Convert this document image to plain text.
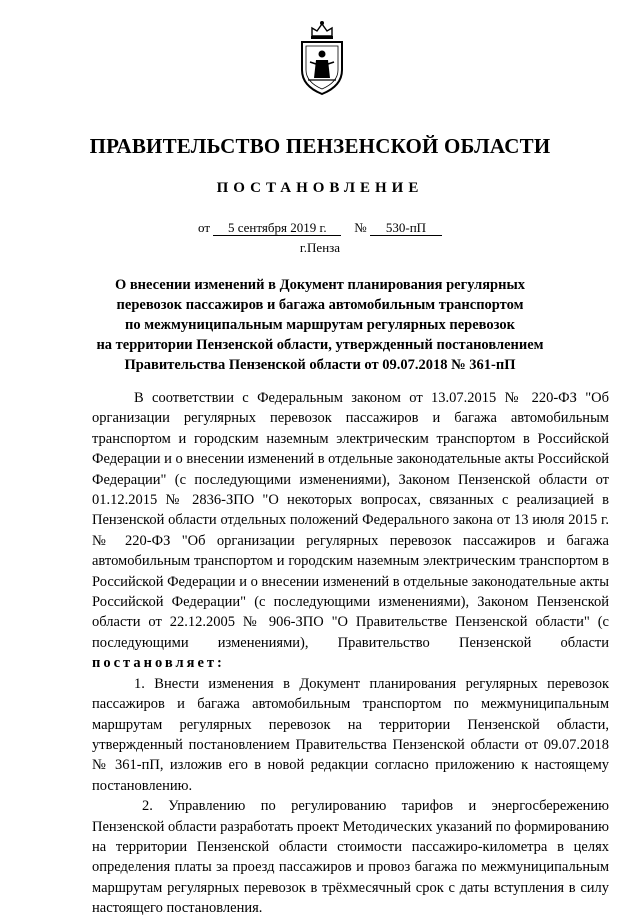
ПРАВИТЕЛЬСТВО ПЕНЗЕНСКОЙ ОБЛАСТИ
ПОСТАНОВЛЕНИЕ
от 5 сентября 2019 г. № 530-пП
г.Пенза
О внесении изменений в Документ планирования регулярных
перевозок пассажиров и багажа автомобильным транспортом
по межмуниципальным маршрутам регулярных перевозок
на территории Пензенской области, утвержденный постановлением
Правительства Пензенской области от 09.07.2018 № 361-пП

В соответствии с Федеральным законом от 13.07.2015 № 220-ФЗ "Об организации регулярных перевозок пассажиров и багажа автомобильным транспортом и городским наземным электрическим транспортом в Российской Федерации и о внесении изменений в отдельные законодательные акты Российской Федерации" (с последующими изменениями), Законом Пензенской области от 01.12.2015 № 2836-ЗПО "О некоторых вопросах, связанных с реализацией в Пензенской области отдельных положений Федерального закона от 13 июля 2015 г. № 220-ФЗ "Об организации регулярных перевозок пассажиров и багажа автомобильным транспортом и городским наземным электрическим транспортом в Российской Федерации и о внесении изменений в отдельные законодательные акты Российской Федерации" (с последующими изменениями), Законом Пензенской области от 22.12.2005 № 906-ЗПО "О Правительстве Пензенской области" (с последующими изменениями), Правительство Пензенской области постановляет:

1. Внести изменения в Документ планирования регулярных перевозок пассажиров и багажа автомобильным транспортом по межмуниципальным маршрутам регулярных перевозок на территории Пензенской области, утвержденный постановлением Правительства Пензенской области от 09.07.2018 № 361-пП, изложив его в новой редакции согласно приложению к настоящему постановлению.

2. Управлению по регулированию тарифов и энергосбережению Пензенской области разработать проект Методических указаний по формированию на территории Пензенской области стоимости пассажиро-километра в целях определения платы за проезд пассажиров и провоз багажа по межмуниципальным маршрутам регулярных перевозок в трёхмесячный срок с даты вступления в силу настоящего постановления.
